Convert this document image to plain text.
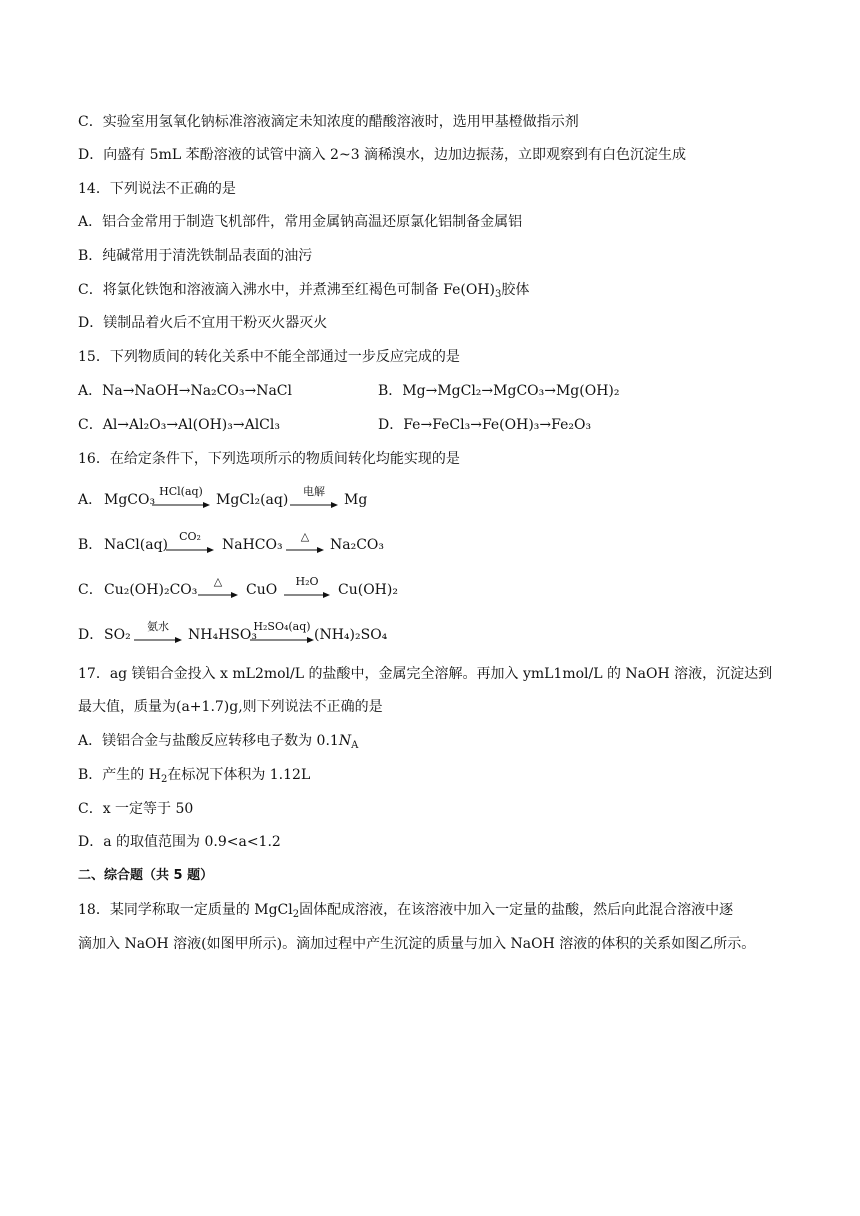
C．实验室用氢氧化钠标准溶液滴定未知浓度的醋酸溶液时，选用甲基橙做指示剂
D．向盛有 5mL 苯酚溶液的试管中滴入 2~3 滴稀溴水，边加边振荡，立即观察到有白色沉淀生成
14．下列说法不正确的是
A．铝合金常用于制造飞机部件，常用金属钠高温还原氯化铝制备金属铝
B．纯碱常用于清洗铁制品表面的油污
C．将氯化铁饱和溶液滴入沸水中，并煮沸至红褐色可制备 $Fe(OH)_3$胶体
D．镁制品着火后不宜用干粉灭火器灭火
15．下列物质间的转化关系中不能全部通过一步反应完成的是
A．Na→NaOH→Na₂CO₃→NaCl	B．Mg→MgCl₂→MgCO₃→Mg(OH)₂
C．Al→Al₂O₃→Al(OH)₃→AlCl₃	D．Fe→FeCl₃→Fe(OH)₃→Fe₂O₃
16．在给定条件下，下列选项所示的物质间转化均能实现的是
A． MgCO₃
HCl(aq)
MgCl₂(aq)
电解
Mg
B． NaCl(aq)
CO₂
NaHCO₃
△
Na₂CO₃
C． Cu₂(OH)₂CO₃
△
CuO
H₂O
Cu(OH)₂
D． SO₂
氨水
NH₄HSO₃
H₂SO₄(aq)
(NH₄)₂SO₄
17．ag 镁铝合金投入 x mL2mol/L 的盐酸中，金属完全溶解。再加入 ymL1mol/L 的 NaOH 溶液，沉淀达到
最大值，质量为(a+1.7)g,则下列说法不正确的是
A．镁铝合金与盐酸反应转移电子数为 $0.1N_A$
B．产生的 $H_2$在标况下体积为 1.12L
C．x 一定等于 50
D．a 的取值范围为 0.9<a<1.2
二、综合题（共 5 题）
18．某同学称取一定质量的 MgCl$_2$固体配成溶液，在该溶液中加入一定量的盐酸，然后向此混合溶液中逐
滴加入 NaOH 溶液(如图甲所示)。滴加过程中产生沉淀的质量与加入 NaOH 溶液的体积的关系如图乙所示。
